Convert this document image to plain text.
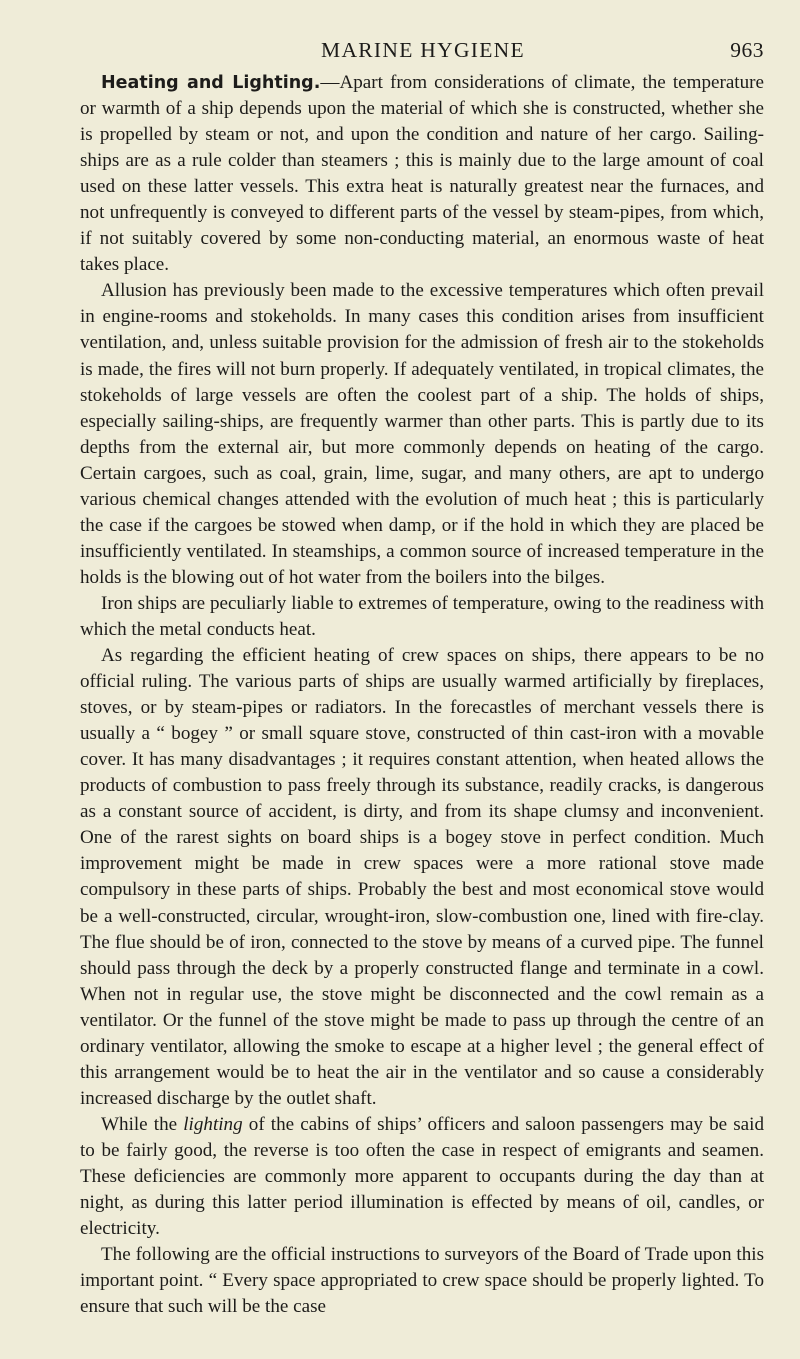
MARINE HYGIENE	963

Heating and Lighting.—Apart from considerations of climate, the temperature or warmth of a ship depends upon the material of which she is constructed, whether she is propelled by steam or not, and upon the condition and nature of her cargo. Sailing-ships are as a rule colder than steamers ; this is mainly due to the large amount of coal used on these latter vessels. This extra heat is naturally greatest near the furnaces, and not unfrequently is conveyed to different parts of the vessel by steam-pipes, from which, if not suitably covered by some non-conducting material, an enormous waste of heat takes place.

Allusion has previously been made to the excessive temperatures which often prevail in engine-rooms and stokeholds. In many cases this condition arises from insufficient ventilation, and, unless suitable provision for the admission of fresh air to the stokeholds is made, the fires will not burn properly. If adequately ventilated, in tropical climates, the stokeholds of large vessels are often the coolest part of a ship. The holds of ships, especially sailing-ships, are frequently warmer than other parts. This is partly due to its depths from the external air, but more commonly depends on heating of the cargo. Certain cargoes, such as coal, grain, lime, sugar, and many others, are apt to undergo various chemical changes attended with the evolution of much heat ; this is particularly the case if the cargoes be stowed when damp, or if the hold in which they are placed be insufficiently ventilated. In steamships, a common source of increased temperature in the holds is the blowing out of hot water from the boilers into the bilges.

Iron ships are peculiarly liable to extremes of temperature, owing to the readiness with which the metal conducts heat.

As regarding the efficient heating of crew spaces on ships, there appears to be no official ruling. The various parts of ships are usually warmed artificially by fireplaces, stoves, or by steam-pipes or radiators. In the forecastles of merchant vessels there is usually a “ bogey ” or small square stove, constructed of thin cast-iron with a movable cover. It has many disadvantages ; it requires constant attention, when heated allows the products of combustion to pass freely through its substance, readily cracks, is dangerous as a constant source of accident, is dirty, and from its shape clumsy and inconvenient. One of the rarest sights on board ships is a bogey stove in perfect condition. Much improvement might be made in crew spaces were a more rational stove made compulsory in these parts of ships. Probably the best and most economical stove would be a well-constructed, circular, wrought-iron, slow-combustion one, lined with fire-clay. The flue should be of iron, connected to the stove by means of a curved pipe. The funnel should pass through the deck by a properly constructed flange and terminate in a cowl. When not in regular use, the stove might be disconnected and the cowl remain as a ventilator. Or the funnel of the stove might be made to pass up through the centre of an ordinary ventilator, allowing the smoke to escape at a higher level ; the general effect of this arrangement would be to heat the air in the ventilator and so cause a considerably increased discharge by the outlet shaft.

While the lighting of the cabins of ships’ officers and saloon passengers may be said to be fairly good, the reverse is too often the case in respect of emigrants and seamen. These deficiencies are commonly more apparent to occupants during the day than at night, as during this latter period illumination is effected by means of oil, candles, or electricity.

The following are the official instructions to surveyors of the Board of Trade upon this important point. “ Every space appropriated to crew space should be properly lighted. To ensure that such will be the case
